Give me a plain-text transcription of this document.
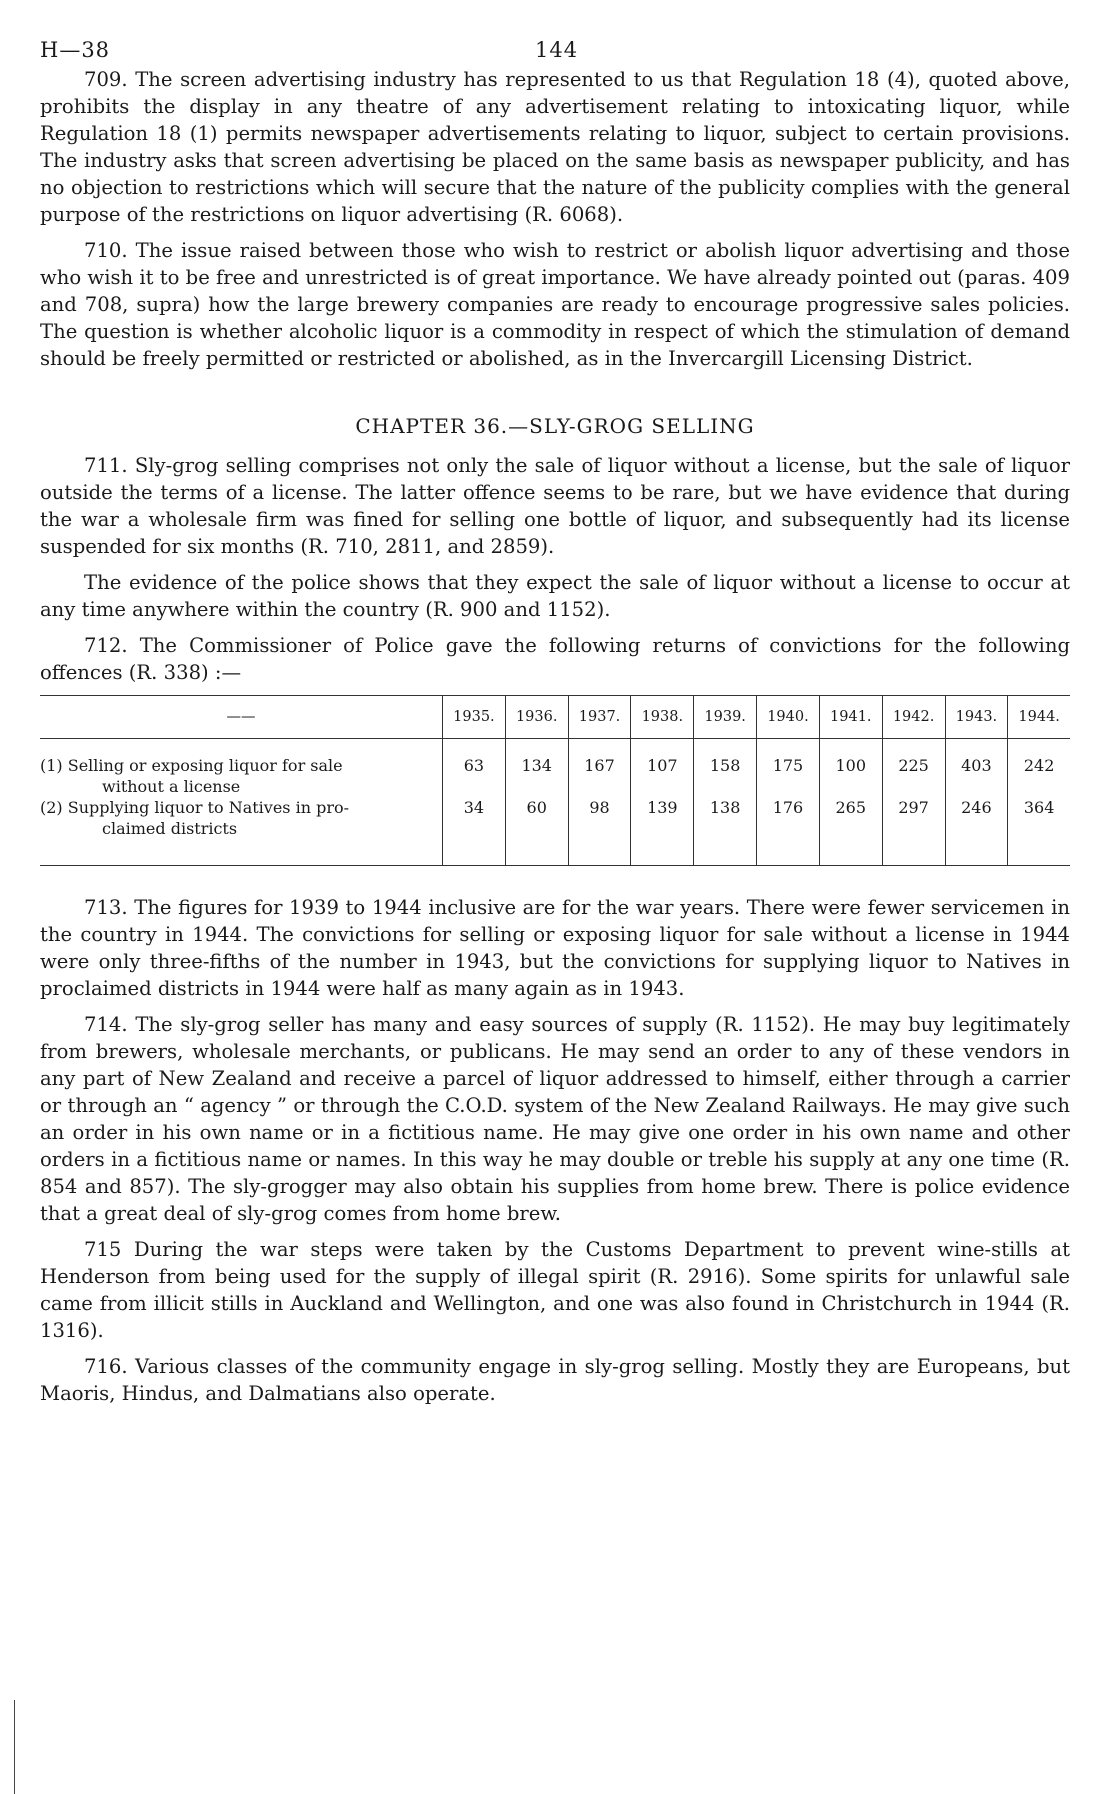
H—38	144

709. The screen advertising industry has represented to us that Regulation 18 (4), quoted above, prohibits the display in any theatre of any advertisement relating to intoxicating liquor, while Regulation 18 (1) permits newspaper advertisements relating to liquor, subject to certain provisions. The industry asks that screen advertising be placed on the same basis as newspaper publicity, and has no objection to restrictions which will secure that the nature of the publicity complies with the general purpose of the restrictions on liquor advertising (R. 6068).

710. The issue raised between those who wish to restrict or abolish liquor advertising and those who wish it to be free and unrestricted is of great importance. We have already pointed out (paras. 409 and 708, supra) how the large brewery companies are ready to encourage progressive sales policies. The question is whether alcoholic liquor is a commodity in respect of which the stimulation of demand should be freely permitted or restricted or abolished, as in the Invercargill Licensing District.

CHAPTER 36.—SLY-GROG SELLING

711. Sly-grog selling comprises not only the sale of liquor without a license, but the sale of liquor outside the terms of a license. The latter offence seems to be rare, but we have evidence that during the war a wholesale firm was fined for selling one bottle of liquor, and subsequently had its license suspended for six months (R. 710, 2811, and 2859).

The evidence of the police shows that they expect the sale of liquor without a license to occur at any time anywhere within the country (R. 900 and 1152).

712. The Commissioner of Police gave the following returns of convictions for the following offences (R. 338) :—

——	1935.	1936.	1937.	1938.	1939.	1940.	1941.	1942.	1943.	1944.

(1) Selling or exposing liquor for sale
without a license	63	134	167	107	158	175	100	225	403	242

(2) Supplying liquor to Natives in pro-
claimed districts	34	60	98	139	138	176	265	297	246	364

713. The figures for 1939 to 1944 inclusive are for the war years. There were fewer servicemen in the country in 1944. The convictions for selling or exposing liquor for sale without a license in 1944 were only three-fifths of the number in 1943, but the convictions for supplying liquor to Natives in proclaimed districts in 1944 were half as many again as in 1943.

714. The sly-grog seller has many and easy sources of supply (R. 1152). He may buy legitimately from brewers, wholesale merchants, or publicans. He may send an order to any of these vendors in any part of New Zealand and receive a parcel of liquor addressed to himself, either through a carrier or through an “ agency ” or through the C.O.D. system of the New Zealand Railways. He may give such an order in his own name or in a fictitious name. He may give one order in his own name and other orders in a fictitious name or names. In this way he may double or treble his supply at any one time (R. 854 and 857). The sly-grogger may also obtain his supplies from home brew. There is police evidence that a great deal of sly-grog comes from home brew.

715 During the war steps were taken by the Customs Department to prevent wine-stills at Henderson from being used for the supply of illegal spirit (R. 2916). Some spirits for unlawful sale came from illicit stills in Auckland and Wellington, and one was also found in Christchurch in 1944 (R. 1316).

716. Various classes of the community engage in sly-grog selling. Mostly they are Europeans, but Maoris, Hindus, and Dalmatians also operate.
